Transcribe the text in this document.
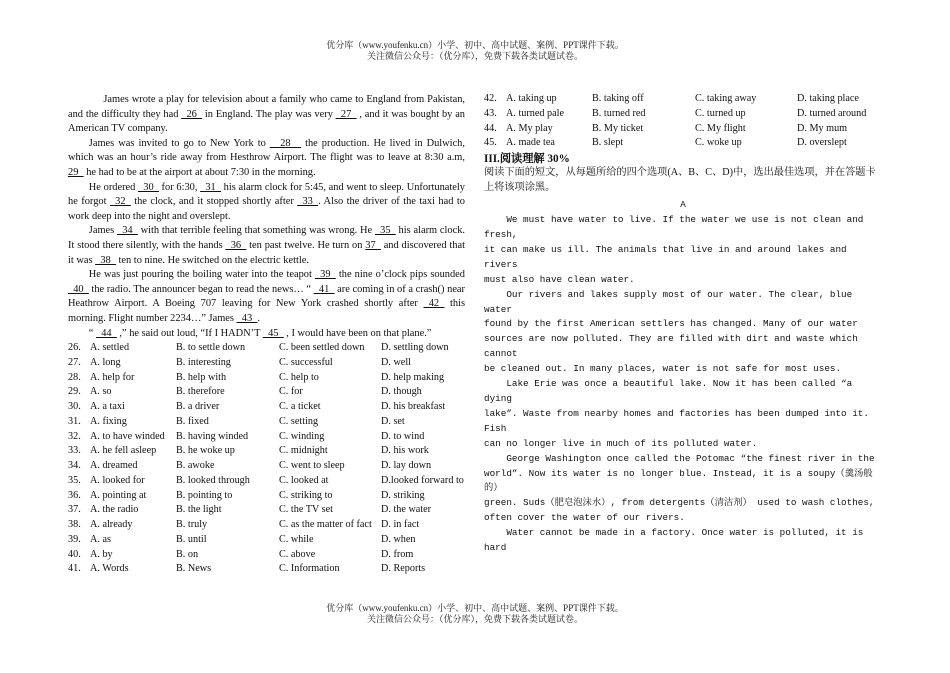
优分库（www.youfenku.cn）小学、初中、高中试题、案例、PPT课件下载。
关注微信公众号：（优分库），免费下载各类试题试卷。

James wrote a play for television about a family who came to England from Pakistan, and the difficulty they had _26_ in England. The play was very _27_ , and it was bought by an American TV company.

James was invited to go to New York to __28__ the production. He lived in Dulwich, which was an hour’s ride away from Hesthrow Airport. The flight was to leave at 8:30 a.m, 29_ he had to be at the airport at about 7:30 in the morning.

He ordered _30_ for 6:30, _31_ his alarm clock for 5:45, and went to sleep. Unfortunately he forgot _32_ the clock, and it stopped shortly after _33_. Also the driver of the taxi had to work deep into the night and overslept.

James _34_ with that terrible feeling that something was wrong. He _35_ his alarm clock. It stood there silently, with the hands _36_ ten past twelve. He turn on 37_ and discovered that it was _38_ ten to nine. He switched on the electric kettle.

He was just pouring the boiling water into the teapot _39_ the nine o’clock pips sounded _40_ the radio. The announcer began to read the news… “ _41_ are coming in of a crash() near Heathrow Airport. A Boeing 707 leaving for New York crashed shortly after _42_ this morning. Flight number 2234…” James _43_.

“ _44_ ,” he said out loud, “If I HADN’T _45_ , I would have been on that plane.”

26.	A. settled	B. to settle down	C. been settled down	D. settling down
27.	A. long	B. interesting	C. successful	D. well
28.	A. help for	B. help with	C. help to	D. help making
29.	A. so	B. therefore	C. for	D. though
30.	A. a taxi	B. a driver	C. a ticket	D. his breakfast
31.	A. fixing	B. fixed	C. setting	D. set
32.	A. to have winded	B. having winded	C. winding	D. to wind
33.	A. he fell asleep	B. he woke up	C. midnight	D. his work
34.	A. dreamed	B. awoke	C. went to sleep	D. lay down
35.	A. looked for	B. looked through	C. looked at	D.looked forward to
36.	A. pointing at	B. pointing to	C. striking to	D. striking
37.	A. the radio	B. the light	C. the TV set	D. the water
38.	A. already	B. truly	C. as the matter of fact	D. in fact
39.	A. as	B. until	C. while	D. when
40.	A. by	B. on	C. above	D. from
41.	A. Words	B. News	C. Information	D. Reports
42.	A. taking up	B. taking off	C. taking away	D. taking place
43.	A. turned pale	B. turned red	C. turned up	D. turned around
44.	A. My play	B. My ticket	C. My flight	D. My mum
45.	A. made tea	B. slept	C. woke up	D. overslept
III.阅读理解 30%

阅读下面的短文，从每题所给的四个选项(A、B、C、D)中，选出最佳选项，并在答题卡上将该项涂黑。

A

We must have water to live. If the water we use is not clean and fresh,
it can make us ill. The animals that live in and around lakes and rivers
must also have clean water.
Our rivers and lakes supply most of our water. The clear, blue water
found by the first American settlers has changed. Many of our water
sources are now polluted. They are filled with dirt and waste which cannot
be cleaned out. In many places, water is not safe for most uses.
Lake Erie was once a beautiful lake. Now it has been called “a dying
lake”. Waste from nearby homes and factories has been dumped into it. Fish
can no longer live in much of its polluted water.
George Washington once called the Potomac “the finest river in the
world”. Now its water is no longer blue. Instead, it is a soupy（羹汤般的）
green. Suds（肥皂泡沫水）, from detergents（清洁剂） used to wash clothes,
often cover the water of our rivers.
Water cannot be made in a factory. Once water is polluted, it is hard
优分库（www.youfenku.cn）小学、初中、高中试题、案例、PPT课件下载。
关注微信公众号：（优分库），免费下载各类试题试卷。
